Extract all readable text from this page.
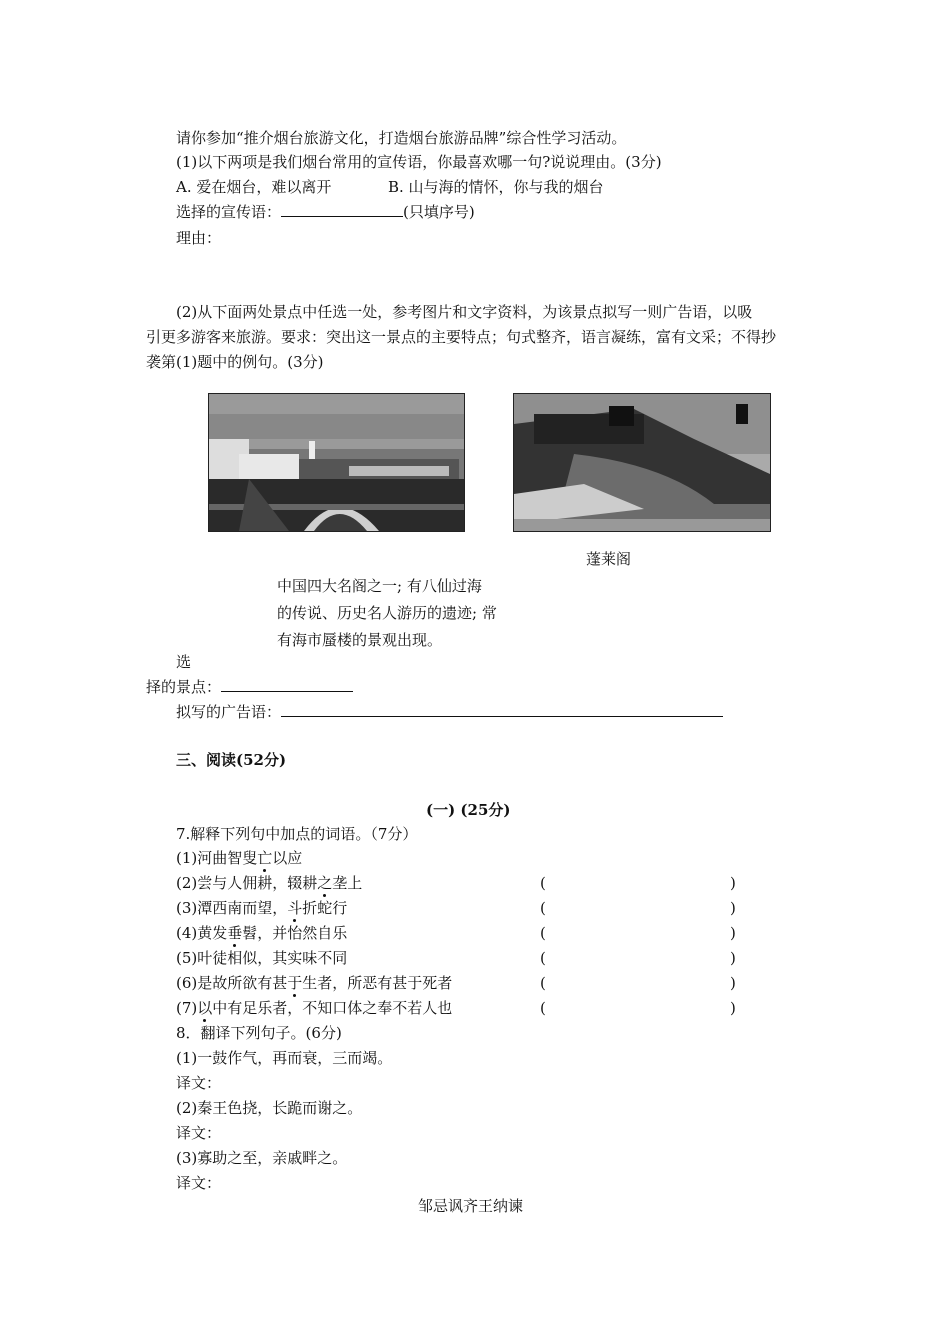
请你参加“推介烟台旅游文化，打造烟台旅游品牌”综合性学习活动。
(1)以下两项是我们烟台常用的宣传语，你最喜欢哪一句?说说理由。(3分)
A. 爱在烟台，难以离开	B. 山与海的情怀，你与我的烟台
选择的宣传语：	(只填序号)
理由：
(2)从下面两处景点中任选一处，参考图片和文字资料，为该景点拟写一则广告语，以吸
引更多游客来旅游。要求：突出这一景点的主要特点；句式整齐，语言凝练，富有文采；不得抄
袭第(1)题中的例句。(3分)
蓬莱阁
中国四大名阁之一; 有八仙过海
的传说、历史名人游历的遗迹; 常
有海市蜃楼的景观出现。
选
择的景点：
拟写的广告语：
三、阅读(52分)
(一) (25分)
7.解释下列句中加点的词语。（7分）
(1)河曲智叟亡以应
(2)尝与人佣耕，辍耕之垄上	(	)
(3)潭西南而望，斗折蛇行	(	)
(4)黄发垂髫，并怡然自乐	(	)
(5)叶徒相似，其实味不同	(	)
(6)是故所欲有甚于生者，所恶有甚于死者	(	)
(7)以中有足乐者，不知口体之奉不若人也	(	)
8．翻译下列句子。(6分)
(1)一鼓作气，再而衰，三而竭。
译文：
(2)秦王色挠，长跪而谢之。
译文：
(3)寡助之至，亲戚畔之。
译文：
邹忌讽齐王纳谏
